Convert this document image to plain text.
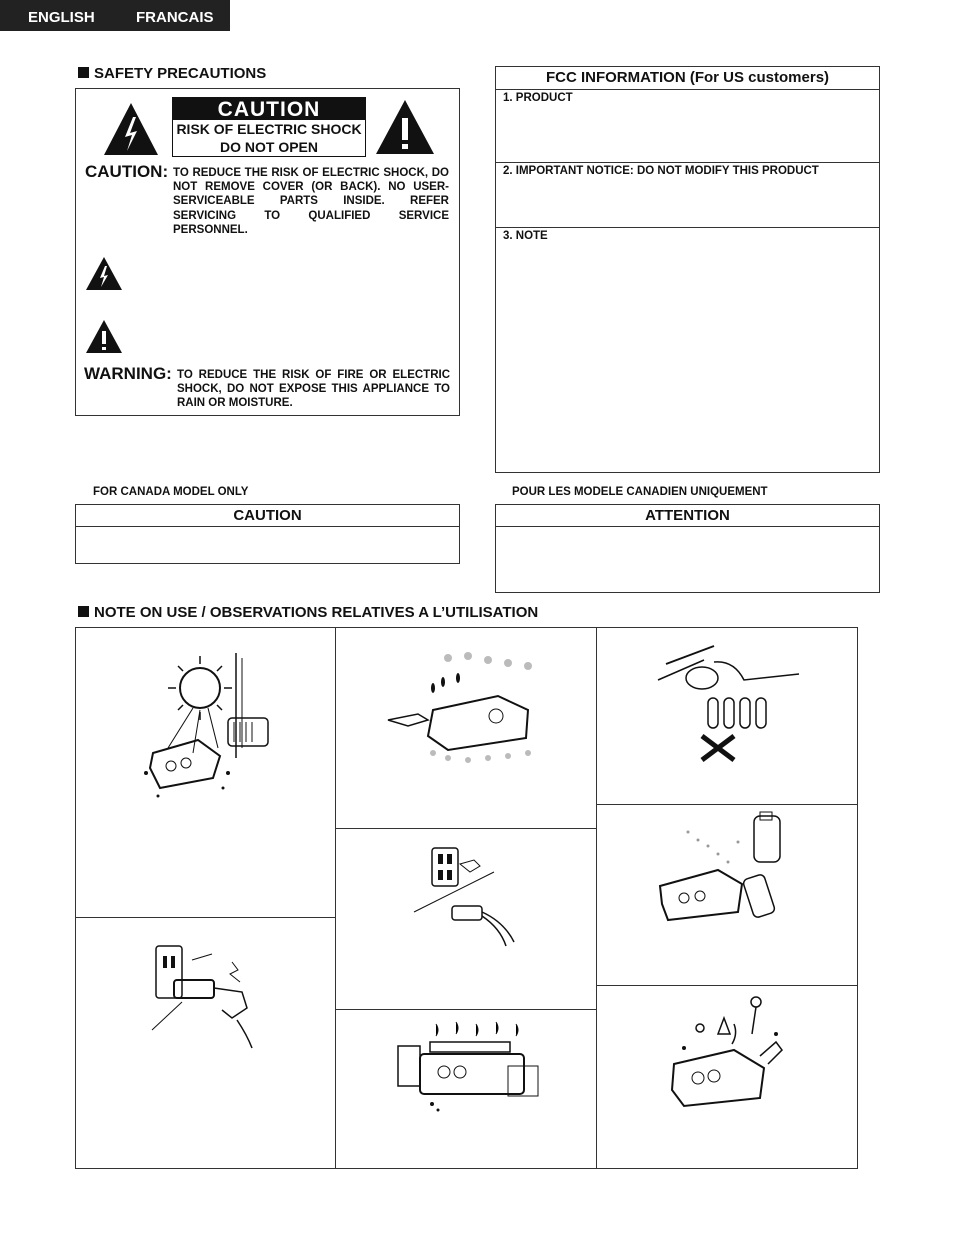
ENGLISH	FRANCAIS
SAFETY PRECAUTIONS
CAUTION
RISK OF ELECTRIC SHOCK
DO NOT OPEN
CAUTION: TO REDUCE THE RISK OF ELECTRIC SHOCK, DO NOT REMOVE COVER (OR BACK). NO USER-SERVICEABLE PARTS INSIDE. REFER SERVICING TO QUALIFIED SERVICE PERSONNEL.
WARNING: TO REDUCE THE RISK OF FIRE OR ELECTRIC SHOCK, DO NOT EXPOSE THIS APPLIANCE TO RAIN OR MOISTURE.
FCC INFORMATION (For US customers)
1. PRODUCT
2. IMPORTANT NOTICE: DO NOT MODIFY THIS PRODUCT
3. NOTE
FOR CANADA MODEL ONLY
CAUTION
POUR LES MODELE CANADIEN UNIQUEMENT
ATTENTION
NOTE ON USE / OBSERVATIONS RELATIVES A L’UTILISATION
